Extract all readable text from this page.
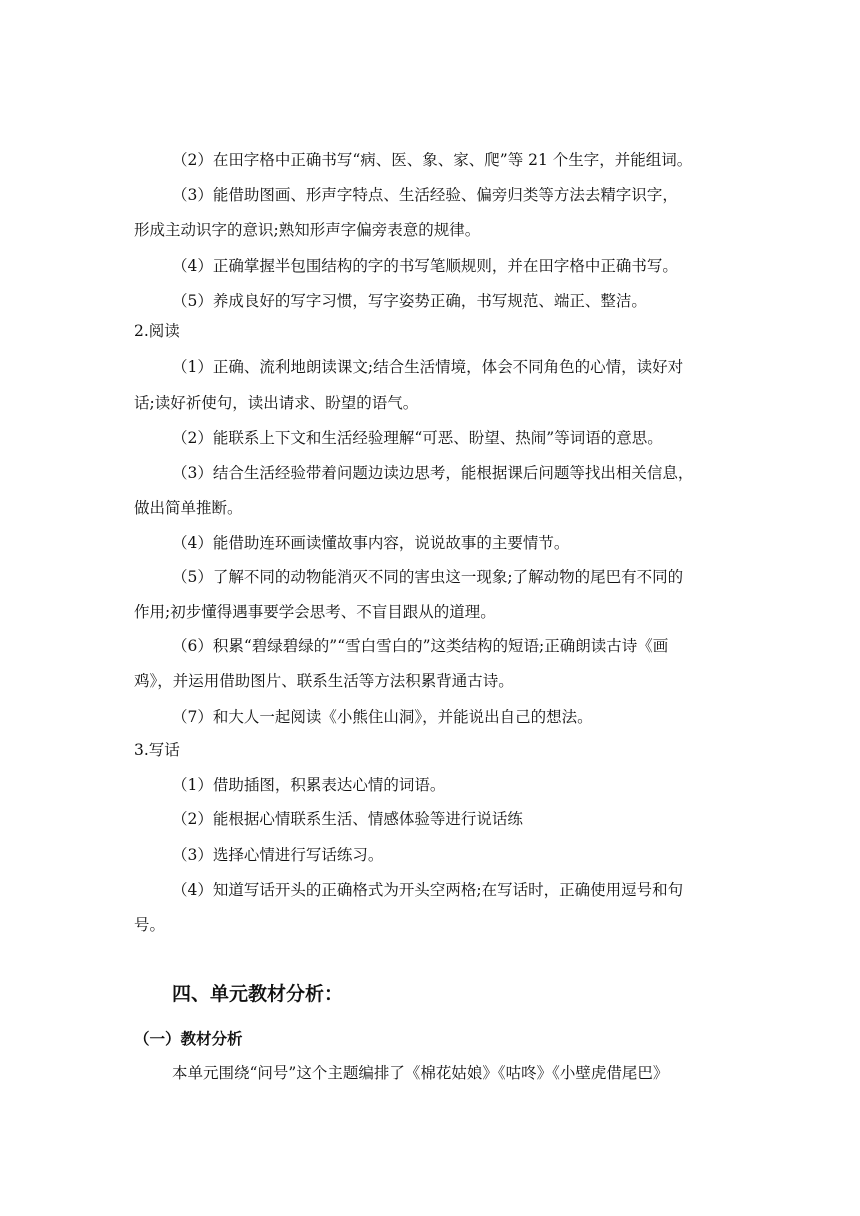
（2）在田字格中正确书写“病、医、象、家、爬”等 21 个生字，并能组词。
（3）能借助图画、形声字特点、生活经验、偏旁归类等方法去精字识字，
形成主动识字的意识;熟知形声字偏旁表意的规律。
（4）正确掌握半包围结构的字的书写笔顺规则，并在田字格中正确书写。
（5）养成良好的写字习惯，写字姿势正确，书写规范、端正、整洁。
2.阅读
（1）正确、流利地朗读课文;结合生活情境，体会不同角色的心情，读好对
话;读好祈使句，读出请求、盼望的语气。
（2）能联系上下文和生活经验理解“可恶、盼望、热闹”等词语的意思。
（3）结合生活经验带着问题边读边思考，能根据课后问题等找出相关信息，
做出简单推断。
（4）能借助连环画读懂故事内容，说说故事的主要情节。
（5）了解不同的动物能消灭不同的害虫这一现象;了解动物的尾巴有不同的
作用;初步懂得遇事要学会思考、不盲目跟从的道理。
（6）积累“碧绿碧绿的”“雪白雪白的”这类结构的短语;正确朗读古诗《画
鸡》，并运用借助图片、联系生活等方法积累背通古诗。
（7）和大人一起阅读《小熊住山洞》，并能说出自己的想法。
3.写话
（1）借助插图，积累表达心情的词语。
（2）能根据心情联系生活、情感体验等进行说话练
（3）选择心情进行写话练习。
（4）知道写话开头的正确格式为开头空两格;在写话时，正确使用逗号和句
号。
四、单元教材分析：
（一）教材分析
本单元围绕“问号”这个主题编排了《棉花姑娘》《咕咚》《小壁虎借尾巴》
